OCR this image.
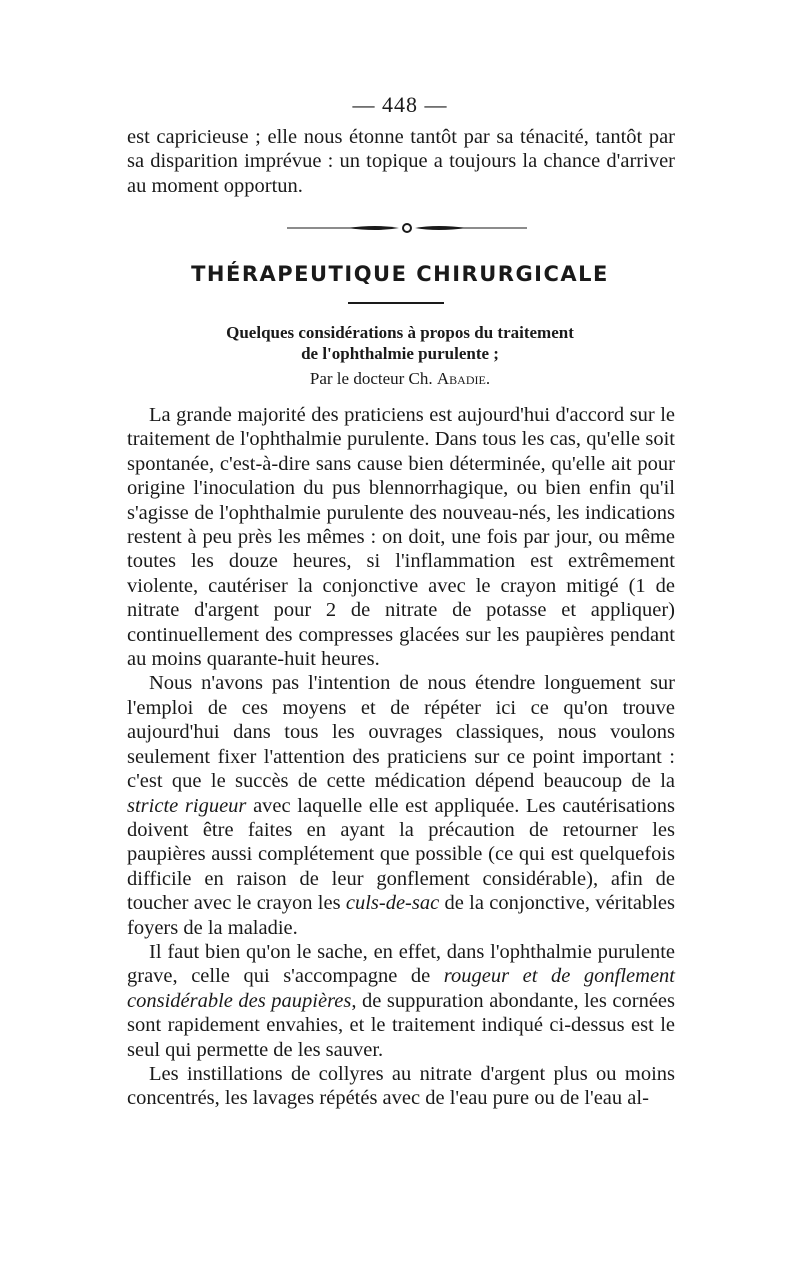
— 448 —

est capricieuse ; elle nous étonne tantôt par sa ténacité, tantôt par sa disparition imprévue : un topique a toujours la chance d'arriver au moment opportun.

THÉRAPEUTIQUE CHIRURGICALE
Quelques considérations à propos du traitement
de l'ophthalmie purulente ;
Par le docteur Ch. Abadie.

La grande majorité des praticiens est aujourd'hui d'accord sur le traitement de l'ophthalmie purulente. Dans tous les cas, qu'elle soit spontanée, c'est-à-dire sans cause bien déterminée, qu'elle ait pour origine l'inoculation du pus blennorrhagique, ou bien enfin qu'il s'agisse de l'ophthalmie purulente des nouveau-nés, les indications restent à peu près les mêmes : on doit, une fois par jour, ou même toutes les douze heures, si l'inflammation est extrêmement violente, cautériser la conjonctive avec le crayon mitigé (1 de nitrate d'argent pour 2 de nitrate de potasse et appliquer) continuellement des compresses glacées sur les paupières pendant au moins quarante-huit heures.

Nous n'avons pas l'intention de nous étendre longuement sur l'emploi de ces moyens et de répéter ici ce qu'on trouve aujourd'hui dans tous les ouvrages classiques, nous voulons seulement fixer l'attention des praticiens sur ce point important : c'est que le succès de cette médication dépend beaucoup de la stricte rigueur avec laquelle elle est appliquée. Les cautérisations doivent être faites en ayant la précaution de retourner les paupières aussi complétement que possible (ce qui est quelquefois difficile en raison de leur gonflement considérable), afin de toucher avec le crayon les culs-de-sac de la conjonctive, véritables foyers de la maladie.

Il faut bien qu'on le sache, en effet, dans l'ophthalmie purulente grave, celle qui s'accompagne de rougeur et de gonflement considérable des paupières, de suppuration abondante, les cornées sont rapidement envahies, et le traitement indiqué ci-dessus est le seul qui permette de les sauver.

Les instillations de collyres au nitrate d'argent plus ou moins concentrés, les lavages répétés avec de l'eau pure ou de l'eau al-
